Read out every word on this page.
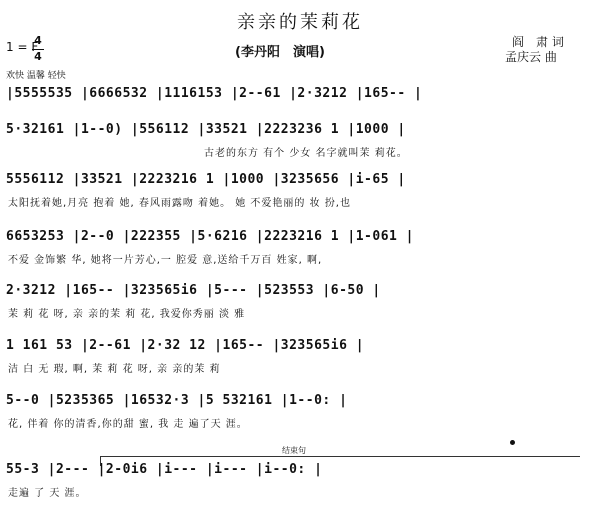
亲亲的茉莉花
1 = F
4
4	(李丹阳　演唱)
阎　肃 词
孟庆云 曲
欢快 温馨 轻快
|5555535 |6666532 |1116153 |2--61 |2·3212 |165-- |
5·32161 |1--0) |556112 |33521 |2223236 1 |1000 |
古老的东方 有个 少女 名字就叫茉 莉花。
5556112 |33521 |2223216 1 |1000 |3235656 |i-65 |
太阳抚着她,月亮 抱着 她, 春风雨露吻 着她。 她 不爱艳丽的 妆 扮,也
6653253 |2--0 |222355 |5·6216 |2223216 1 |1-061 |
不爱 金饰繁 华, 她将一片芳心,一 腔爱 意,送给千万百 姓家, 啊,
2·3212 |165-- |323565i6 |5--- |523553 |6-50 |
茉 莉 花 呀, 亲 亲的茉 莉 花, 我爱你秀丽 淡 雅
1 161 53 |2--61 |2·32 12 |165-- |323565i6 |
洁 白 无 瑕, 啊, 茉 莉 花 呀, 亲 亲的茉 莉
5--0 |5235365 |16532·3 |5 532161 |1--0: |
花, 伴着 你的清香,你的甜 蜜, 我 走 遍了天 涯。
结束句
55-3 |2--- |2-0i6 |i--- |i--- |i--0: |
走遍 了 天 涯。
